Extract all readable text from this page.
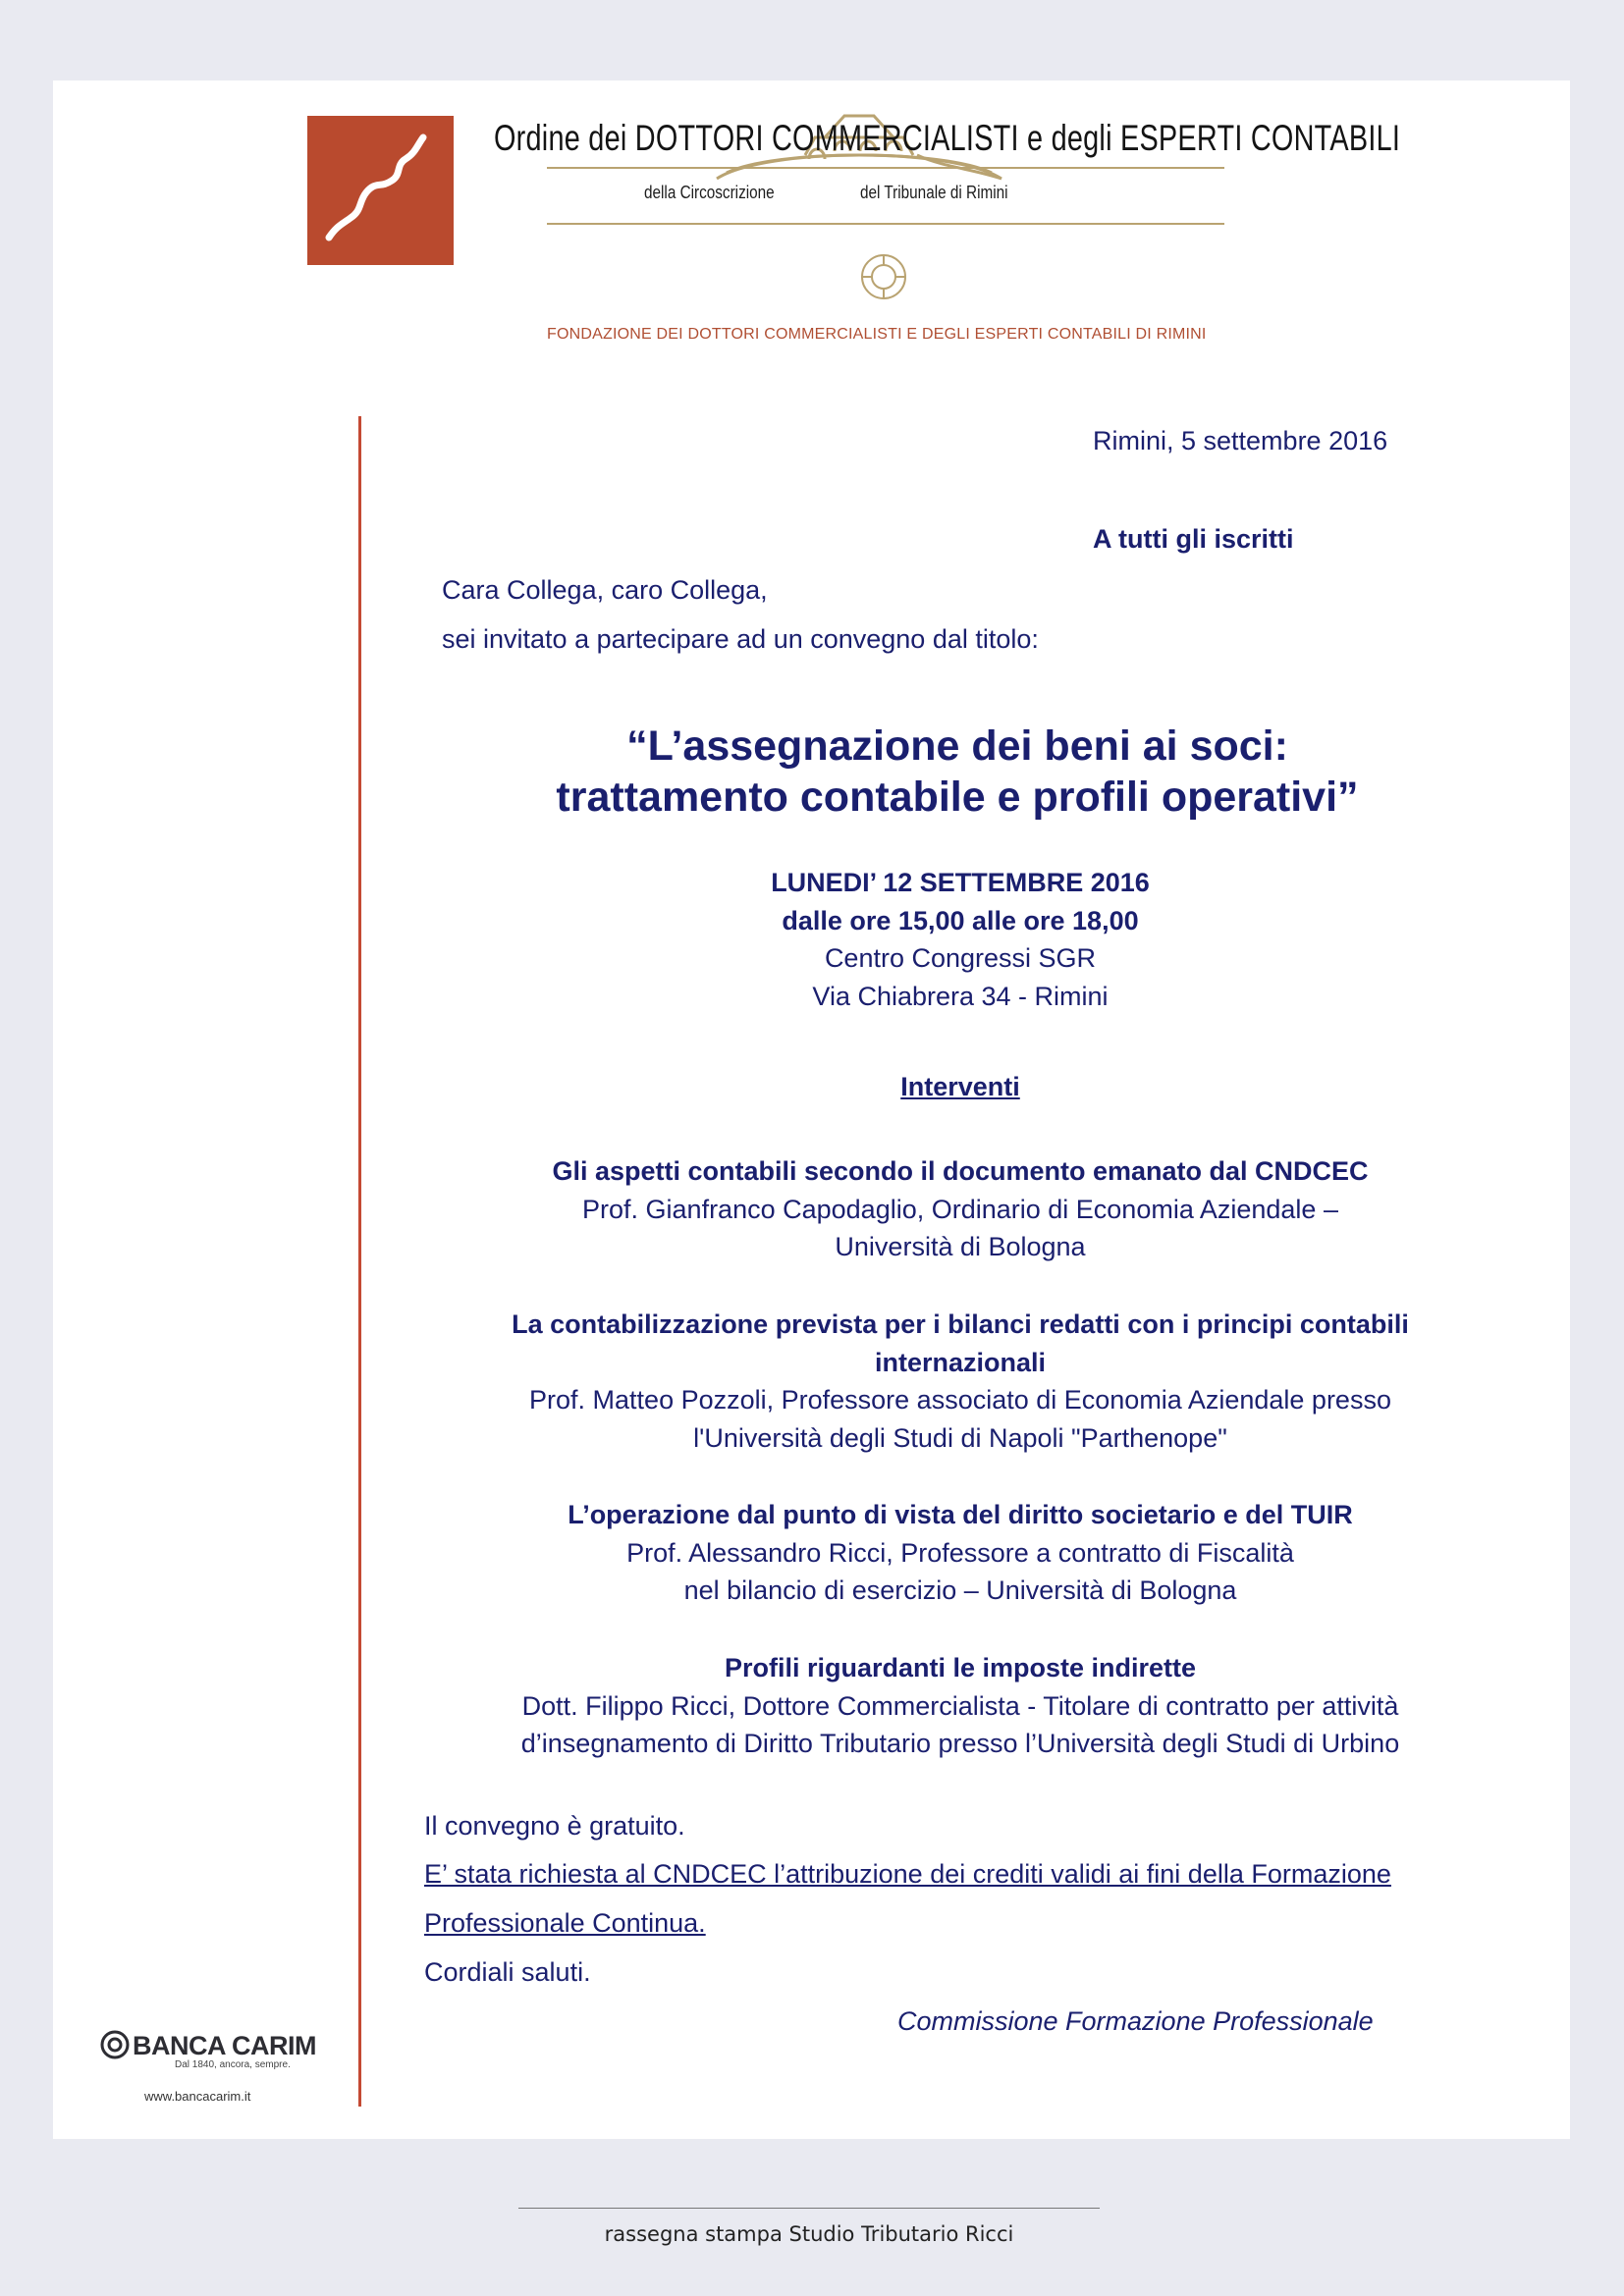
Ordine dei DOTTORI COMMERCIALISTI e degli ESPERTI CONTABILI
della Circoscrizione	del Tribunale di Rimini
FONDAZIONE DEI DOTTORI COMMERCIALISTI E DEGLI ESPERTI CONTABILI DI RIMINI
Rimini, 5 settembre 2016
A tutti gli iscritti
Cara Collega, caro Collega,
sei invitato a partecipare ad un convegno dal titolo:
“L’assegnazione dei beni ai soci:
trattamento contabile e profili operativi”
LUNEDI’ 12 SETTEMBRE 2016
dalle ore 15,00 alle ore 18,00
Centro Congressi SGR
Via Chiabrera 34 - Rimini
Interventi
Gli aspetti contabili secondo il documento emanato dal CNDCEC
Prof. Gianfranco Capodaglio, Ordinario di Economia Aziendale –
Università di Bologna
La contabilizzazione prevista per i bilanci redatti con i principi contabili
internazionali
Prof. Matteo Pozzoli, Professore associato di Economia Aziendale presso
l'Università degli Studi di Napoli "Parthenope"
L’operazione dal punto di vista del diritto societario e del TUIR
Prof. Alessandro Ricci, Professore a contratto di Fiscalità
nel bilancio di esercizio – Università di Bologna
Profili riguardanti le imposte indirette
Dott. Filippo Ricci, Dottore Commercialista - Titolare di contratto per attività
d’insegnamento di Diritto Tributario presso l’Università degli Studi di Urbino
Il convegno è gratuito.
E’ stata richiesta al CNDCEC l’attribuzione dei crediti validi ai fini della Formazione
Professionale Continua.
Cordiali saluti.
Commissione Formazione Professionale
BANCA CARIM
Dal 1840, ancora, sempre.
www.bancacarim.it
rassegna stampa Studio Tributario Ricci
